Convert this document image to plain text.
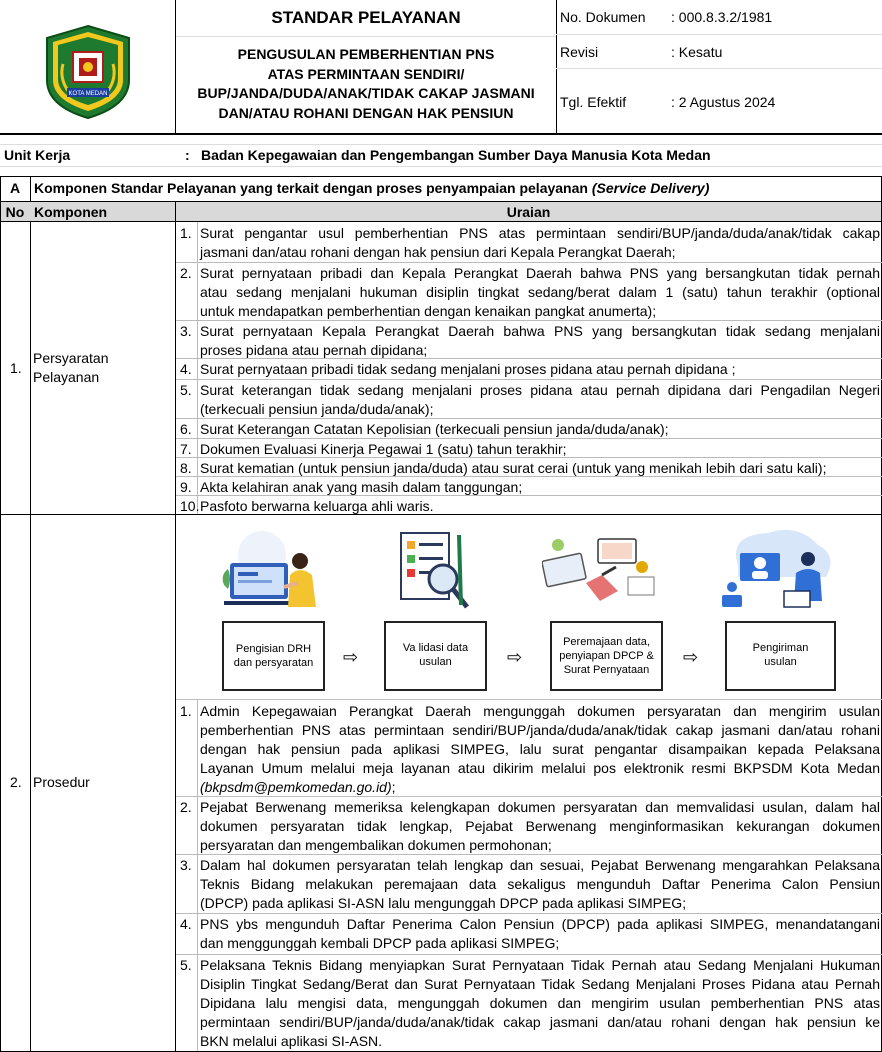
KOTA MEDAN
STANDAR PELAYANAN
PENGUSULAN PEMBERHENTIAN PNS
ATAS PERMINTAAN SENDIRI/
BUP/JANDA/DUDA/ANAK/TIDAK CAKAP JASMANI
DAN/ATAU ROHANI DENGAN HAK PENSIUN
No. Dokumen : 000.8.3.2/1981
Revisi	: Kesatu
Tgl. Efektif	: 2 Agustus 2024
Unit Kerja	: Badan Kepegawaian dan Pengembangan Sumber Daya Manusia Kota Medan
A Komponen Standar Pelayanan yang terkait dengan proses penyampaian pelayanan (Service Delivery)
No Komponen	Uraian
1.
Persyaratan
Pelayanan
1. Surat pengantar usul pemberhentian PNS atas permintaan sendiri/BUP/janda/duda/anak/tidak cakap
jasmani dan/atau rohani dengan hak pensiun dari Kepala Perangkat Daerah;
2. Surat pernyataan pribadi dan Kepala Perangkat Daerah bahwa PNS yang bersangkutan tidak pernah
atau sedang menjalani hukuman disiplin tingkat sedang/berat dalam 1 (satu) tahun terakhir (optional
untuk mendapatkan pemberhentian dengan kenaikan pangkat anumerta);
3. Surat pernyataan Kepala Perangkat Daerah bahwa PNS yang bersangkutan tidak sedang menjalani
proses pidana atau pernah dipidana;
4. Surat pernyataan pribadi tidak sedang menjalani proses pidana atau pernah dipidana ;
5. Surat keterangan tidak sedang menjalani proses pidana atau pernah dipidana dari Pengadilan Negeri
(terkecuali pensiun janda/duda/anak);
6. Surat Keterangan Catatan Kepolisian (terkecuali pensiun janda/duda/anak);
7. Dokumen Evaluasi Kinerja Pegawai 1 (satu) tahun terakhir;
8. Surat kematian (untuk pensiun janda/duda) atau surat cerai (untuk yang menikah lebih dari satu kali);
9. Akta kelahiran anak yang masih dalam tanggungan;
10. Pasfoto berwarna keluarga ahli waris.
2. Prosedur
Pengisian DRH
dan persyaratan ⇨	Va lidasi data
usulan	⇨
Peremajaan data,
penyiapan DPCP &
Surat Pernyataan
⇨	Pengiriman
usulan
1. Admin Kepegawaian Perangkat Daerah mengunggah dokumen persyaratan dan mengirim usulan
pemberhentian PNS atas permintaan sendiri/BUP/janda/duda/anak/tidak cakap jasmani dan/atau rohani
dengan hak pensiun pada aplikasi SIMPEG, lalu surat pengantar disampaikan kepada Pelaksana
Layanan Umum melalui meja layanan atau dikirim melalui pos elektronik resmi BKPSDM Kota Medan
(bkpsdm@pemkomedan.go.id);
2. Pejabat Berwenang memeriksa kelengkapan dokumen persyaratan dan memvalidasi usulan, dalam hal
dokumen persyaratan tidak lengkap, Pejabat Berwenang menginformasikan kekurangan dokumen
persyaratan dan mengembalikan dokumen permohonan;
3. Dalam hal dokumen persyaratan telah lengkap dan sesuai, Pejabat Berwenang mengarahkan Pelaksana
Teknis Bidang melakukan peremajaan data sekaligus mengunduh Daftar Penerima Calon Pensiun
(DPCP) pada aplikasi SI-ASN lalu mengunggah DPCP pada aplikasi SIMPEG;
4. PNS ybs mengunduh Daftar Penerima Calon Pensiun (DPCP) pada aplikasi SIMPEG, menandatangani
dan menggunggah kembali DPCP pada aplikasi SIMPEG;
5. Pelaksana Teknis Bidang menyiapkan Surat Pernyataan Tidak Pernah atau Sedang Menjalani Hukuman
Disiplin Tingkat Sedang/Berat dan Surat Pernyataan Tidak Sedang Menjalani Proses Pidana atau Pernah
Dipidana lalu mengisi data, mengunggah dokumen dan mengirim usulan pemberhentian PNS atas
permintaan sendiri/BUP/janda/duda/anak/tidak cakap jasmani dan/atau rohani dengan hak pensiun ke
BKN melalui aplikasi SI-ASN.
